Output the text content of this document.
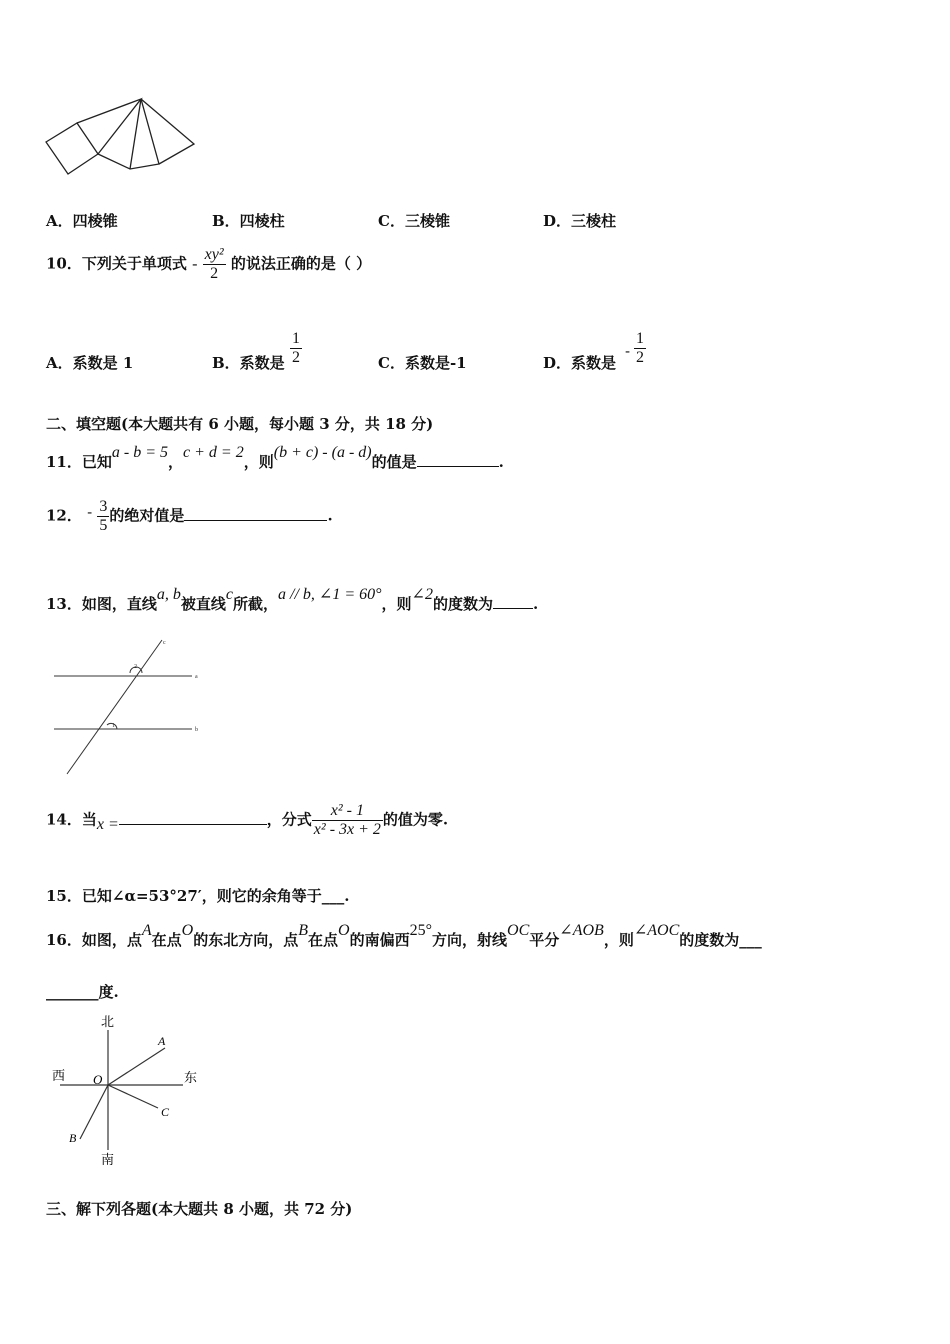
A．四棱锥	B．四棱柱	C．三棱锥	D．三棱柱
10．下列关于单项式 - $\frac{\text{xy²}}{2}$ 的说法正确的是（ ）
A．系数是 1	B．系数是 $\frac{1}{2}$	C．系数是-1	D．系数是
- $\frac{1}{2}$
二、填空题(本大题共有 6 小题，每小题 3 分，共 18 分)
11．已知a - b = 5，c + d = 2，则(b + c) - (a - d)的值是	.
12． - $\frac{3}{5}$ 的绝对值是	.
13．如图，直线a, b被直线c所截，a // b, ∠1 = 60°，则∠2的度数为	.
2
1
a
b
c
14．当x =	，分式 $\frac{\text{x² - 1}}{\text{x² - 3x + 2}}$ 的值为零.
15．已知∠α=53°27′，则它的余角等于___.
16．如图，点A在点O的东北方向，点B在点O的南偏西25°方向，射线OC平分∠AOB，则∠AOC的度数为___
_______度.
北
南
西	东
O
A
B
C
三、解下列各题(本大题共 8 小题，共 72 分)
